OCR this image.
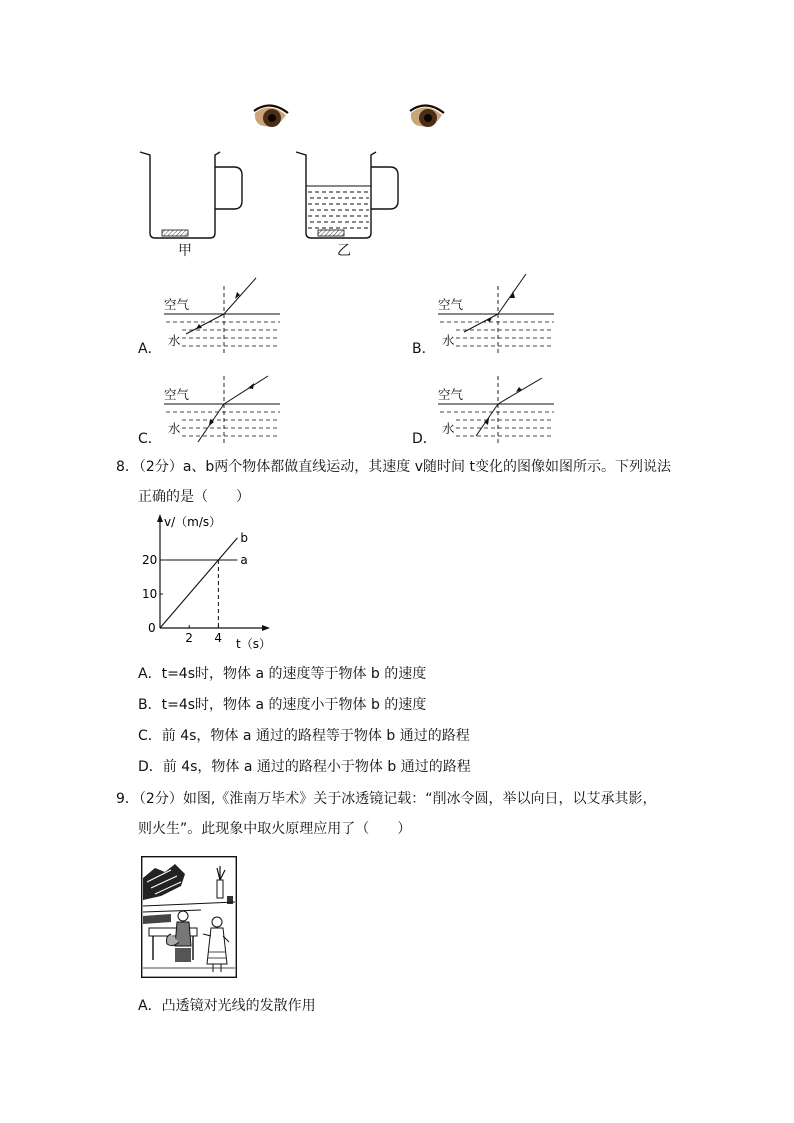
甲	乙
A．
空气
水
B．
空气
水
C．
空气
水
D．
空气
水
8．（2分）a、b两个物体都做直线运动，其速度 v随时间 t变化的图像如图所示。下列说法
正确的是（　　）
v/（m/s）
t（s）
0
10
20
2 4
a
b
A．t=4s时，物体 a 的速度等于物体 b 的速度
B．t=4s时，物体 a 的速度小于物体 b 的速度
C．前 4s，物体 a 通过的路程等于物体 b 通过的路程
D．前 4s，物体 a 通过的路程小于物体 b 通过的路程
9．（2分）如图,《淮南万毕术》关于冰透镜记载：“削冰令圆，举以向日，以艾承其影，
则火生”。此现象中取火原理应用了（　　）
A．凸透镜对光线的发散作用
